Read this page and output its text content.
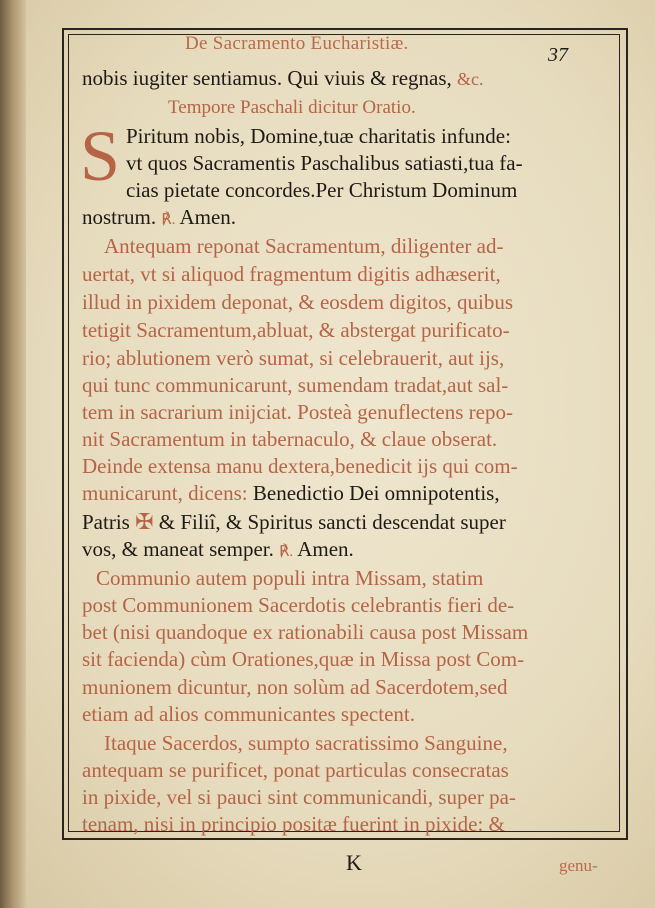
De Sacramento Eucharistiæ.
37
nobis iugiter sentiamus. Qui viuis & regnas, &c.
Tempore Paschali dicitur Oratio.
S Piritum nobis, Domine,tuæ charitatis infunde:
vt quos Sacramentis Paschalibus satiasti,tua fa-
cias pietate concordes.Per Christum Dominum
nostrum. ℟. Amen.
Antequam reponat Sacramentum, diligenter ad-
uertat, vt si aliquod fragmentum digitis adhæserit,
illud in pixidem deponat, & eosdem digitos, quibus
tetigit Sacramentum,abluat, & abstergat purificato-
rio; ablutionem verò sumat, si celebrauerit, aut ijs,
qui tunc communicarunt, sumendam tradat,aut sal-
tem in sacrarium inijciat. Posteà genuflectens repo-
nit Sacramentum in tabernaculo, & claue obserat.
Deinde extensa manu dextera,benedicit ijs qui com-
municarunt, dicens: Benedictio Dei omnipotentis,
Patris ✠ & Filiî, & Spiritus sancti descendat super
vos, & maneat semper. ℟. Amen.
Communio autem populi intra Missam, statim
post Communionem Sacerdotis celebrantis fieri de-
bet (nisi quandoque ex rationabili causa post Missam
sit facienda) cùm Orationes,quæ in Missa post Com-
munionem dicuntur, non solùm ad Sacerdotem,sed
etiam ad alios communicantes spectent.
Itaque Sacerdos, sumpto sacratissimo Sanguine,
antequam se purificet, ponat particulas consecratas
in pixide, vel si pauci sint communicandi, super pa-
tenam, nisi in principio positæ fuerint in pixide: &
K	genu-
